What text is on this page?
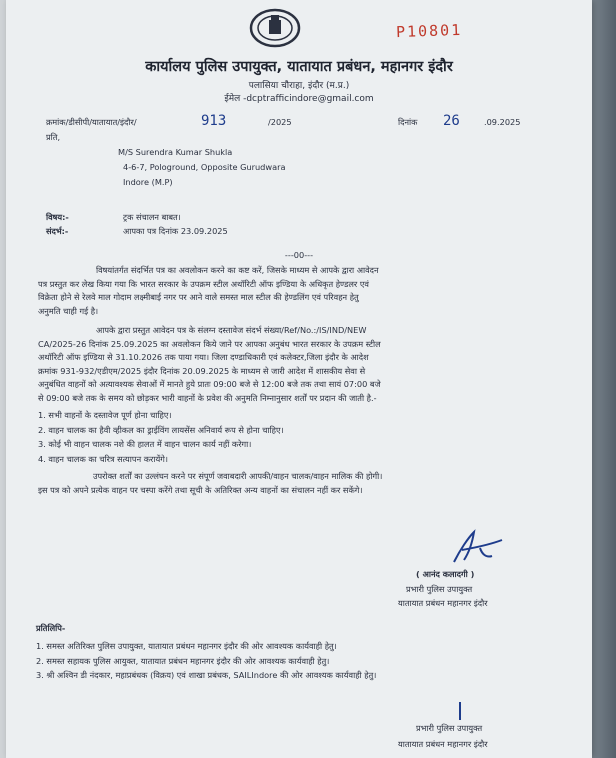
P10801
कार्यालय पुलिस उपायुक्त, यातायात प्रबंधन, महानगर इंदौर
पलासिया चौराहा, इंदौर (म.प्र.)
ईमेल -dcptrafficindore@gmail.com
क्रमांक/डीसीपी/यातायात/इंदौर/	913	/2025	दिनांक 26	.09.2025
प्रति,
M/S Surendra Kumar Shukla
4-6-7, Pologround, Opposite Gurudwara
Indore (M.P)
विषय:-	ट्रक संचालन बाबत।
संदर्भ:-	आपका पत्र दिनांक 23.09.2025
---00---
विषयांतर्गत संदर्भित पत्र का अवलोकन करने का कष्ट करें, जिसके माध्यम से आपके द्वारा आवेदन
पत्र प्रस्तुत कर लेख किया गया कि भारत सरकार के उपक्रम स्टील अथॉरिटी ऑफ इण्डिया के अधिकृत हेण्डलर एवं
विक्रेता होने से रेलवे माल गोदाम लक्ष्मीबाई नगर पर आने वाले समस्त माल स्टील की हेण्डलिंग एवं परिवहन हेतु
अनुमति चाही गई है।
आपके द्वारा प्रस्तुत आवेदन पत्र के संलग्न दस्तावेज संदर्भ संख्या/Ref/No.:/IS/IND/NEW
CA/2025-26 दिनांक 25.09.2025 का अवलोकन किये जाने पर आपका अनुबंध भारत सरकार के उपक्रम स्टील
अथॉरिटी ऑफ इण्डिया से 31.10.2026 तक पाया गया। जिला दण्डाधिकारी एवं कलेक्टर,जिला इंदौर के आदेश
क्रमांक 931-932/एडीएम/2025 इंदौर दिनांक 20.09.2025 के माध्यम से जारी आदेश में शासकीय सेवा से
अनुबंधित वाहनों को अत्यावश्यक सेवाओं में मानते हुये प्रातः 09:00 बजे से 12:00 बजे तक तथा सायं 07:00 बजे
से 09:00 बजे तक के समय को छोड़कर भारी वाहनों के प्रवेश की अनुमति निम्नानुसार शर्तों पर प्रदान की जाती है.-
1. सभी वाहनों के दस्तावेज पूर्ण होना चाहिए।
2. वाहन चालक का हैवी व्हीकल का ड्राईविंग लायसेंस अनिवार्य रूप से होना चाहिए।
3. कोई भी वाहन चालक नशे की हालत में वाहन चालन कार्य नहीं करेगा।
4. वाहन चालक का चरित्र सत्यापन करायेंगे।
उपरोक्त शर्तों का उल्लंघन करने पर संपूर्ण जवाबदारी आपकी/वाहन चालक/वाहन मालिक की होगी।
इस पत्र को अपने प्रत्येक वाहन पर चस्पा करेंगे तथा सूची के अतिरिक्त अन्य वाहनों का संचालन नहीं कर सकेंगे।
( आनंद कलादगी )
प्रभारी पुलिस उपायुक्त
यातायात प्रबंधन महानगर इंदौर
प्रतिलिपि-
1. समस्त अतिरिक्त पुलिस उपायुक्त, यातायात प्रबंधन महानगर इंदौर की ओर आवश्यक कार्यवाही हेतु।
2. समस्त सहायक पुलिस आयुक्त, यातायात प्रबंधन महानगर इंदौर की ओर आवश्यक कार्यवाही हेतु।
3. श्री अश्विन डी नंदकार, महाप्रबंधक (विक्रय) एवं शाखा प्रबंधक, SAILIndore की ओर आवश्यक कार्यवाही हेतु।
प्रभारी पुलिस उपायुक्त
यातायात प्रबंधन महानगर इंदौर
